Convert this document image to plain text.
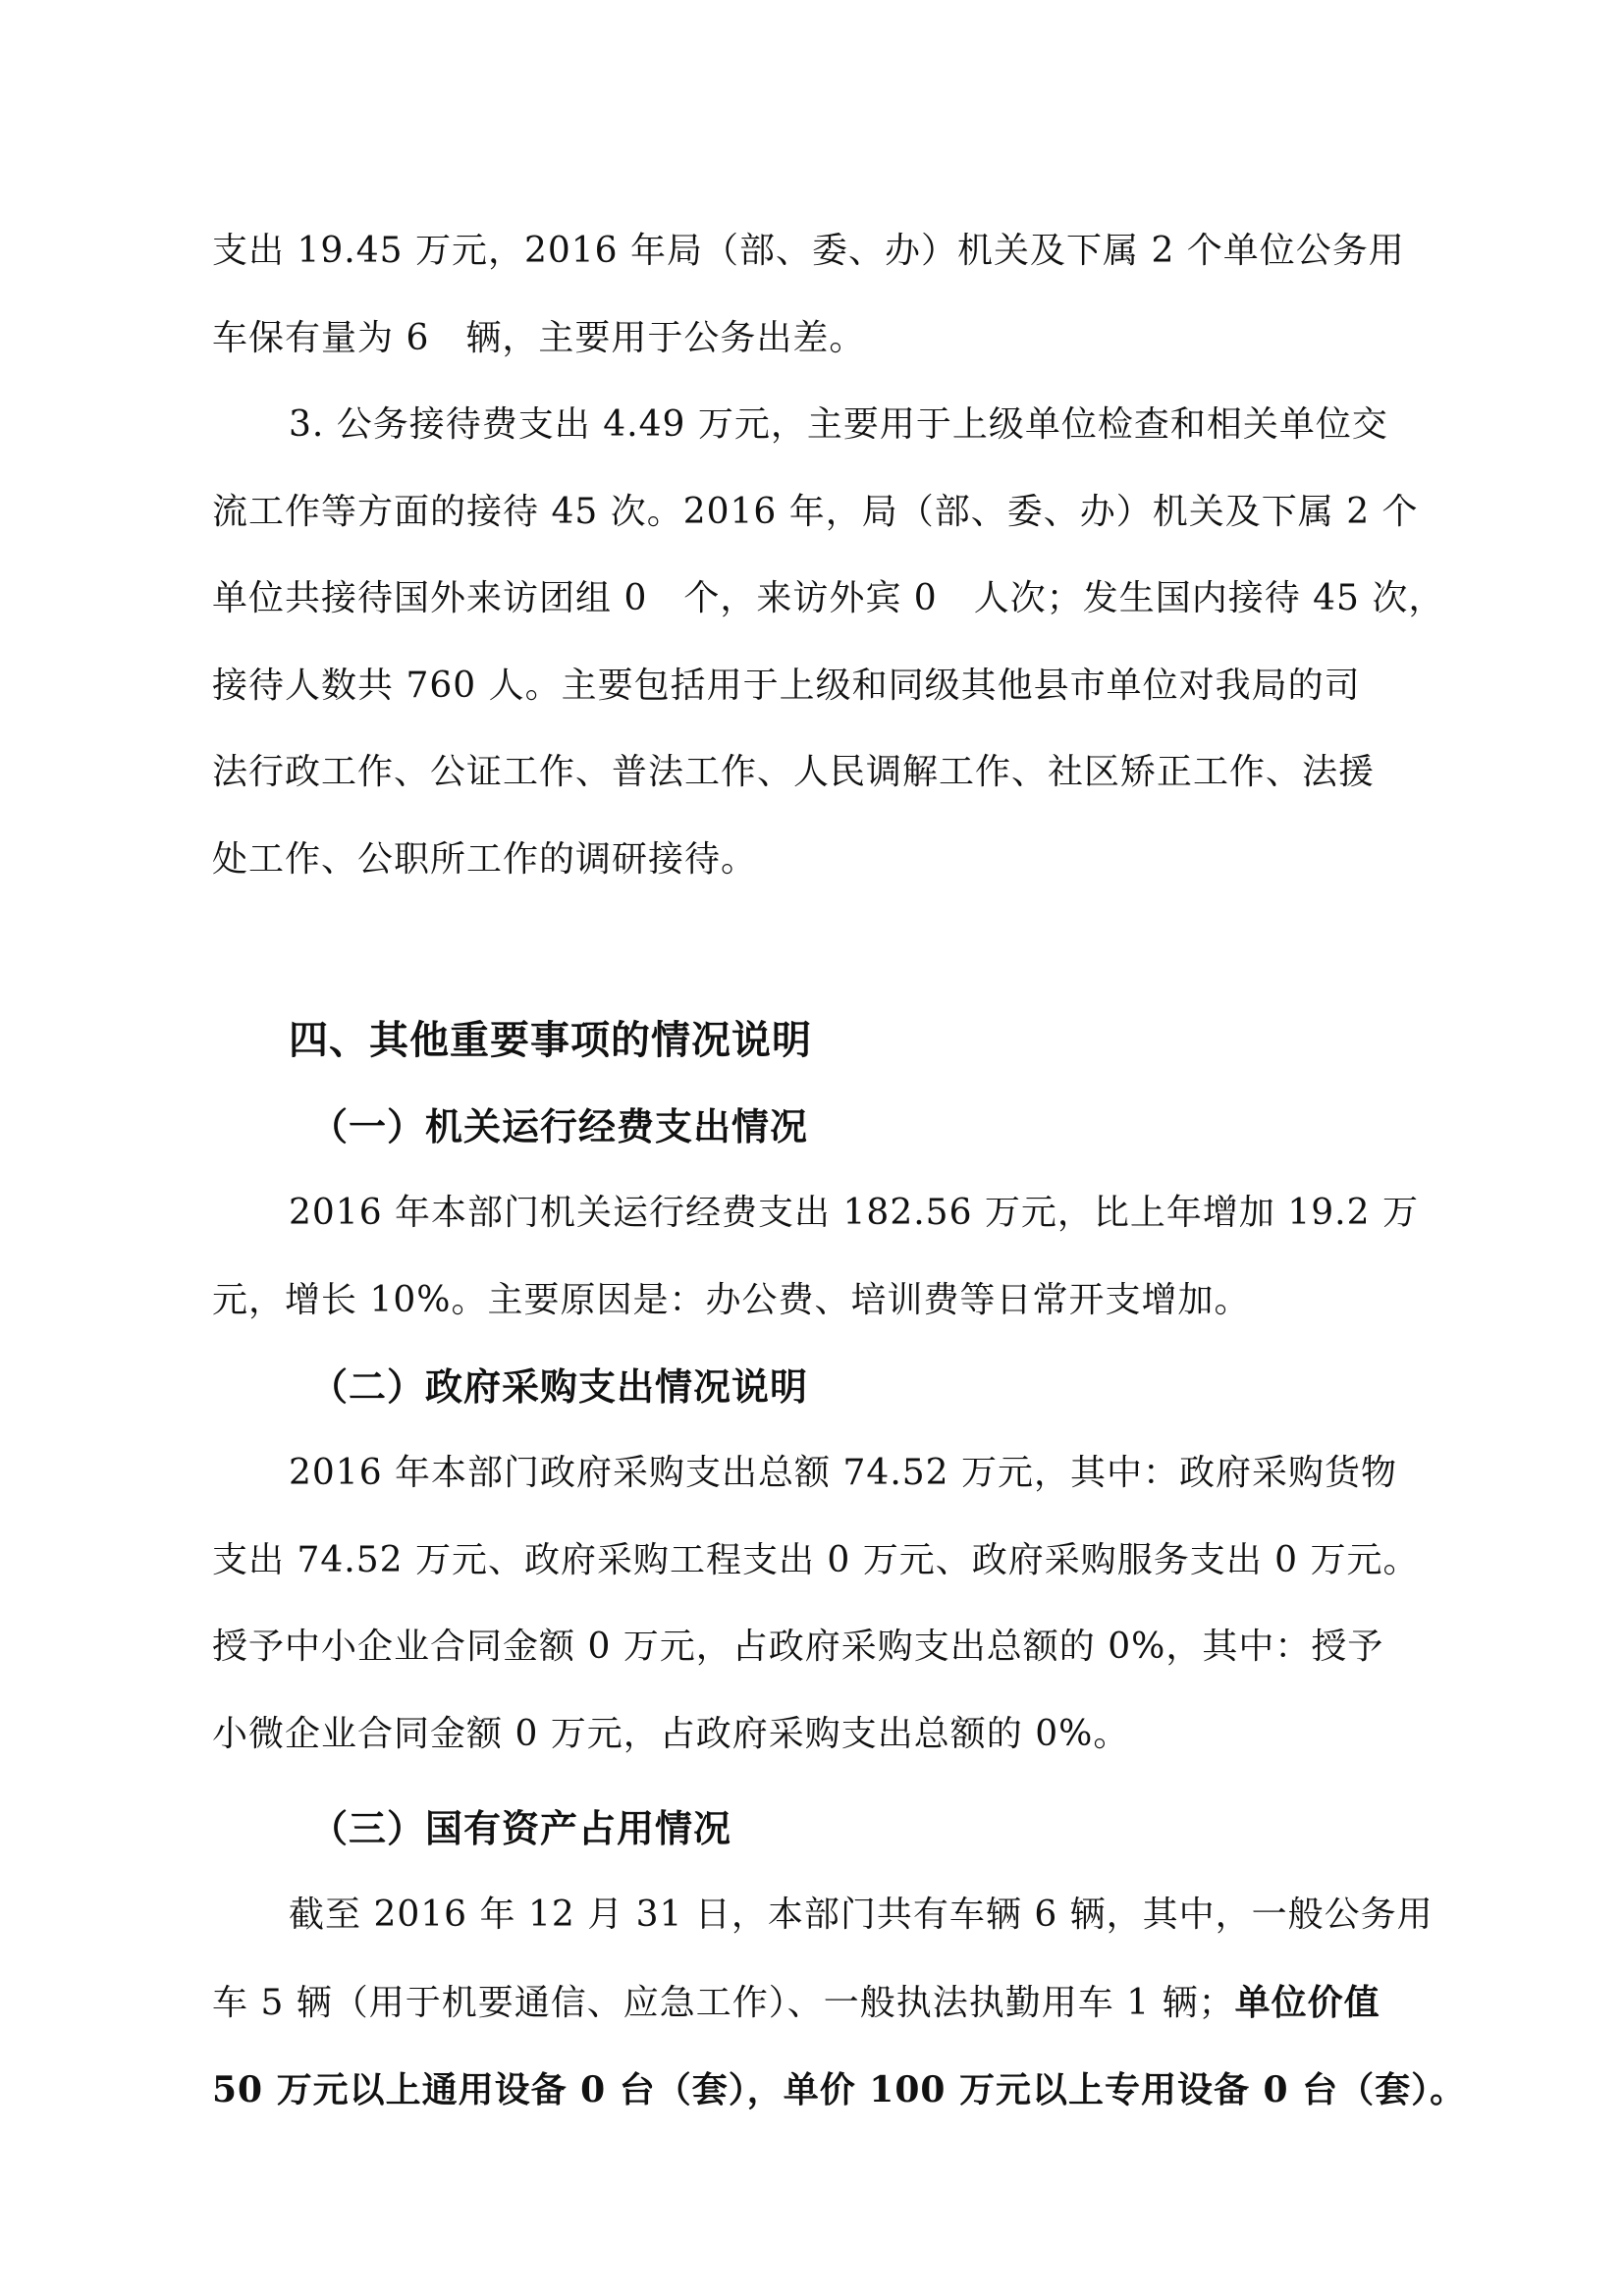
支出 19.45 万元，2016 年局（部、委、办）机关及下属 2 个单位公务用
车保有量为 6　辆，主要用于公务出差。

3. 公务接待费支出 4.49 万元，主要用于上级单位检查和相关单位交
流工作等方面的接待 45 次。2016 年，局（部、委、办）机关及下属 2 个
单位共接待国外来访团组 0　个，来访外宾 0　人次；发生国内接待 45 次，
接待人数共 760 人。主要包括用于上级和同级其他县市单位对我局的司
法行政工作、公证工作、普法工作、人民调解工作、社区矫正工作、法援
处工作、公职所工作的调研接待。

四、其他重要事项的情况说明
（一）机关运行经费支出情况

2016 年本部门机关运行经费支出 182.56 万元，比上年增加 19.2 万
元，增长 10%。主要原因是：办公费、培训费等日常开支增加。

（二）政府采购支出情况说明

2016 年本部门政府采购支出总额 74.52 万元，其中：政府采购货物
支出 74.52 万元、政府采购工程支出 0 万元、政府采购服务支出 0 万元。
授予中小企业合同金额 0 万元，占政府采购支出总额的 0%，其中：授予
小微企业合同金额 0 万元，占政府采购支出总额的 0%。

（三）国有资产占用情况

截至 2016 年 12 月 31 日，本部门共有车辆 6 辆，其中，一般公务用
车 5 辆（用于机要通信、应急工作）、一般执法执勤用车 1 辆；单位价值
50 万元以上通用设备 0 台（套），单价 100 万元以上专用设备 0 台（套）。
